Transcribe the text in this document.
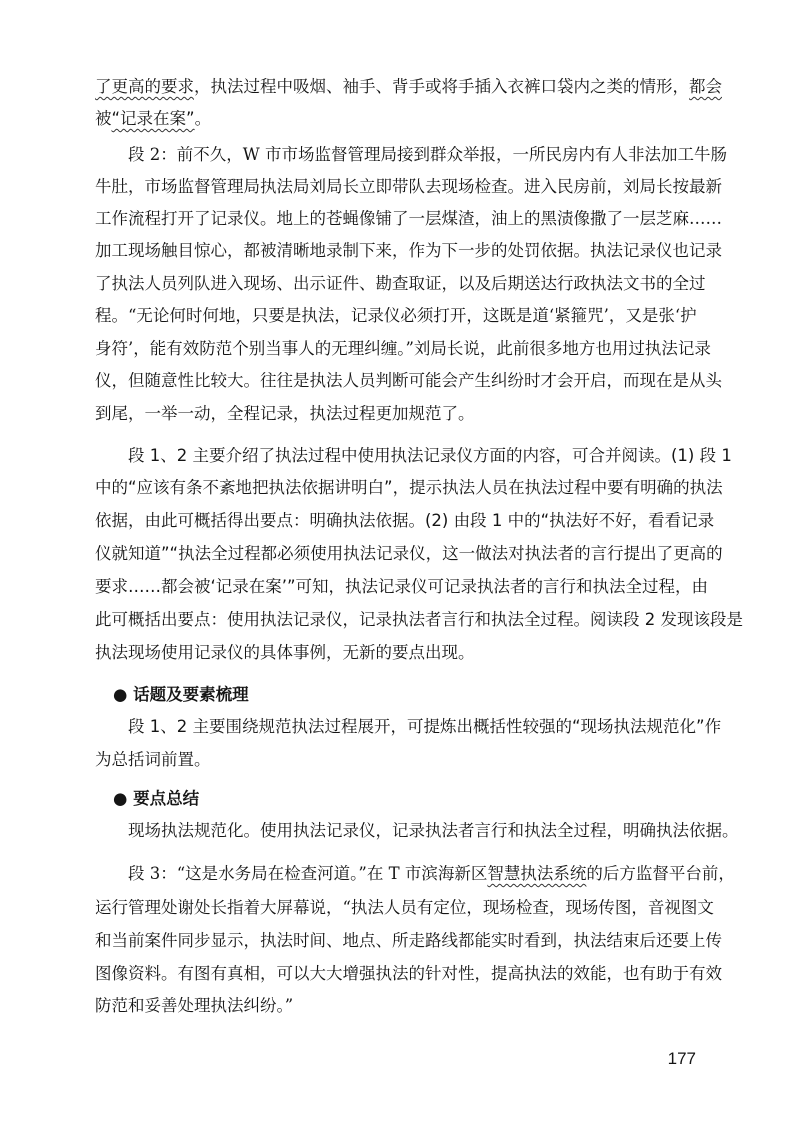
了更高的要求，执法过程中吸烟、袖手、背手或将手插入衣裤口袋内之类的情形，都会
被“记录在案”。
段 2：前不久，W 市市场监督管理局接到群众举报，一所民房内有人非法加工牛肠
牛肚，市场监督管理局执法局刘局长立即带队去现场检查。进入民房前，刘局长按最新
工作流程打开了记录仪。地上的苍蝇像铺了一层煤渣，油上的黑渍像撒了一层芝麻……
加工现场触目惊心，都被清晰地录制下来，作为下一步的处罚依据。执法记录仪也记录
了执法人员列队进入现场、出示证件、勘查取证，以及后期送达行政执法文书的全过
程。“无论何时何地，只要是执法，记录仪必须打开，这既是道‘紧箍咒’，又是张‘护
身符’，能有效防范个别当事人的无理纠缠。”刘局长说，此前很多地方也用过执法记录
仪，但随意性比较大。往往是执法人员判断可能会产生纠纷时才会开启，而现在是从头
到尾，一举一动，全程记录，执法过程更加规范了。
段 1、2 主要介绍了执法过程中使用执法记录仪方面的内容，可合并阅读。(1) 段 1
中的“应该有条不紊地把执法依据讲明白”，提示执法人员在执法过程中要有明确的执法
依据，由此可概括得出要点：明确执法依据。(2) 由段 1 中的“执法好不好，看看记录
仪就知道”“执法全过程都必须使用执法记录仪，这一做法对执法者的言行提出了更高的
要求……都会被‘记录在案’”可知，执法记录仪可记录执法者的言行和执法全过程，由
此可概括出要点：使用执法记录仪，记录执法者言行和执法全过程。阅读段 2 发现该段是
执法现场使用记录仪的具体事例，无新的要点出现。
● 话题及要素梳理
段 1、2 主要围绕规范执法过程展开，可提炼出概括性较强的“现场执法规范化”作
为总括词前置。
● 要点总结
现场执法规范化。使用执法记录仪，记录执法者言行和执法全过程，明确执法依据。
段 3：“这是水务局在检查河道。”在 T 市滨海新区智慧执法系统的后方监督平台前，
运行管理处谢处长指着大屏幕说，“执法人员有定位，现场检查，现场传图，音视图文
和当前案件同步显示，执法时间、地点、所走路线都能实时看到，执法结束后还要上传
图像资料。有图有真相，可以大大增强执法的针对性，提高执法的效能，也有助于有效
防范和妥善处理执法纠纷。”
177
